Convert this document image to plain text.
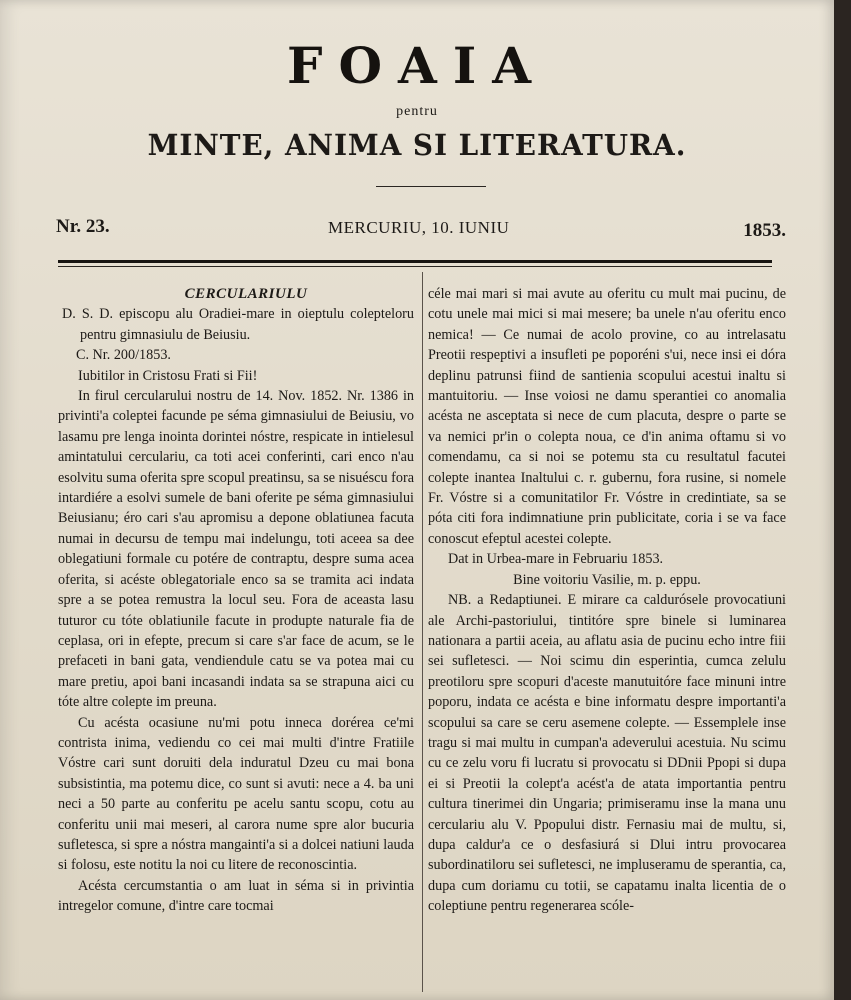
FOAIA
pentru
MINTE, ANIMA SI LITERATURA.
Nr. 23.	MERCURIU, 10. IUNIU	1853.

CERCULARIULU

D. S. D. episcopu alu Oradiei-mare in oieptulu colepteloru pentru gimnasiulu de Beiusiu.

C. Nr. 200/1853.

Iubitilor in Cristosu Frati si Fii!

In firul cercularului nostru de 14. Nov. 1852. Nr. 1386 in privinti'a coleptei facunde pe séma gimnasiului de Beiusiu, vo lasamu pre lenga inointa dorintei nóstre, respicate in intielesul amintatului cerculariu, ca toti acei conferinti, cari enco n'au esolvitu suma oferita spre scopul preatinsu, sa se nisuéscu fora intardiére a esolvi sumele de bani oferite pe séma gimnasiului Beiusianu; éro cari s'au apromisu a depone oblatiunea facuta numai in decursu de tempu mai indelungu, toti aceea sa dee oblegatiuni formale cu potére de contraptu, despre suma acea oferita, si acéste oblegatoriale enco sa se tramita aci indata spre a se potea remustra la locul seu. Fora de aceasta lasu tuturor cu tóte oblatiunile facute in produpte naturale fia de ceplasa, ori in efepte, precum si care s'ar face de acum, se le prefaceti in bani gata, vendiendule catu se va potea mai cu mare pretiu, apoi bani incasandi indata sa se strapuna aici cu tóte altre colepte im preuna.

Cu acésta ocasiune nu'mi potu inneca dorérea ce'mi contrista inima, vediendu co cei mai multi d'intre Fratiile Vóstre cari sunt doruiti dela induratul Dzeu cu mai bona subsistintia, ma potemu dice, co sunt si avuti: nece a 4. ba uni neci a 50 parte au conferitu pe acelu santu scopu, cotu au conferitu unii mai meseri, al carora nume spre alor bucuria sufletesca, si spre a nóstra mangainti'a si a dolcei natiuni lauda si folosu, este notitu la noi cu litere de reconoscintia.

Acésta cercumstantia o am luat in séma si in privintia intregelor comune, d'intre care tocmai

céle mai mari si mai avute au oferitu cu mult mai pucinu, de cotu unele mai mici si mai mesere; ba unele n'au oferitu enco nemica! — Ce numai de acolo provine, co au intrelasatu Preotii respeptivi a insufleti pe poporéni s'ui, nece insi ei dóra deplinu patrunsi fiind de santienia scopului acestui inaltu si mantuitoriu. — Inse voiosi ne damu sperantiei co anomalia acésta ne asceptata si nece de cum placuta, despre o parte se va nemici pr'in o colepta noua, ce d'in anima oftamu si vo comendamu, ca si noi se potemu sta cu resultatul facutei colepte inantea Inaltului c. r. gubernu, fora rusine, si nomele Fr. Vóstre si a comunitatilor Fr. Vóstre in credintiate, sa se póta citi fora indimnatiune prin publicitate, coria i se va face conoscut efeptul acestei colepte.

Dat in Urbea-mare in Februariu 1853.

Bine voitoriu Vasilie, m. p. eppu.

NB. a Redaptiunei. E mirare ca caldurósele provocatiuni ale Archi-pastoriului, tintitóre spre binele si luminarea nationara a partii aceia, au aflatu asia de pucinu echo intre fiii sei sufletesci. — Noi scimu din esperintia, cumca zelulu preotiloru spre scopuri d'aceste manutuitóre face minuni intre poporu, indata ce acésta e bine informatu despre importanti'a scopului sa care se ceru asemene colepte. — Essemplele inse tragu si mai multu in cumpan'a adeverului acestuia. Nu scimu cu ce zelu voru fi lucratu si provocatu si DDnii Ppopi si dupa ei si Preotii la colept'a acést'a de atata importantia pentru cultura tinerimei din Ungaria; primiseramu inse la mana unu cerculariu alu V. Ppopului distr. Fernasiu mai de multu, si, dupa caldur'a ce o desfasiurá si Dlui intru provocarea subordinatiloru sei sufletesci, ne impluseramu de sperantia, ca, dupa cum doriamu cu totii, se capatamu inalta licentia de o coleptiune pentru regenerarea scóle-
